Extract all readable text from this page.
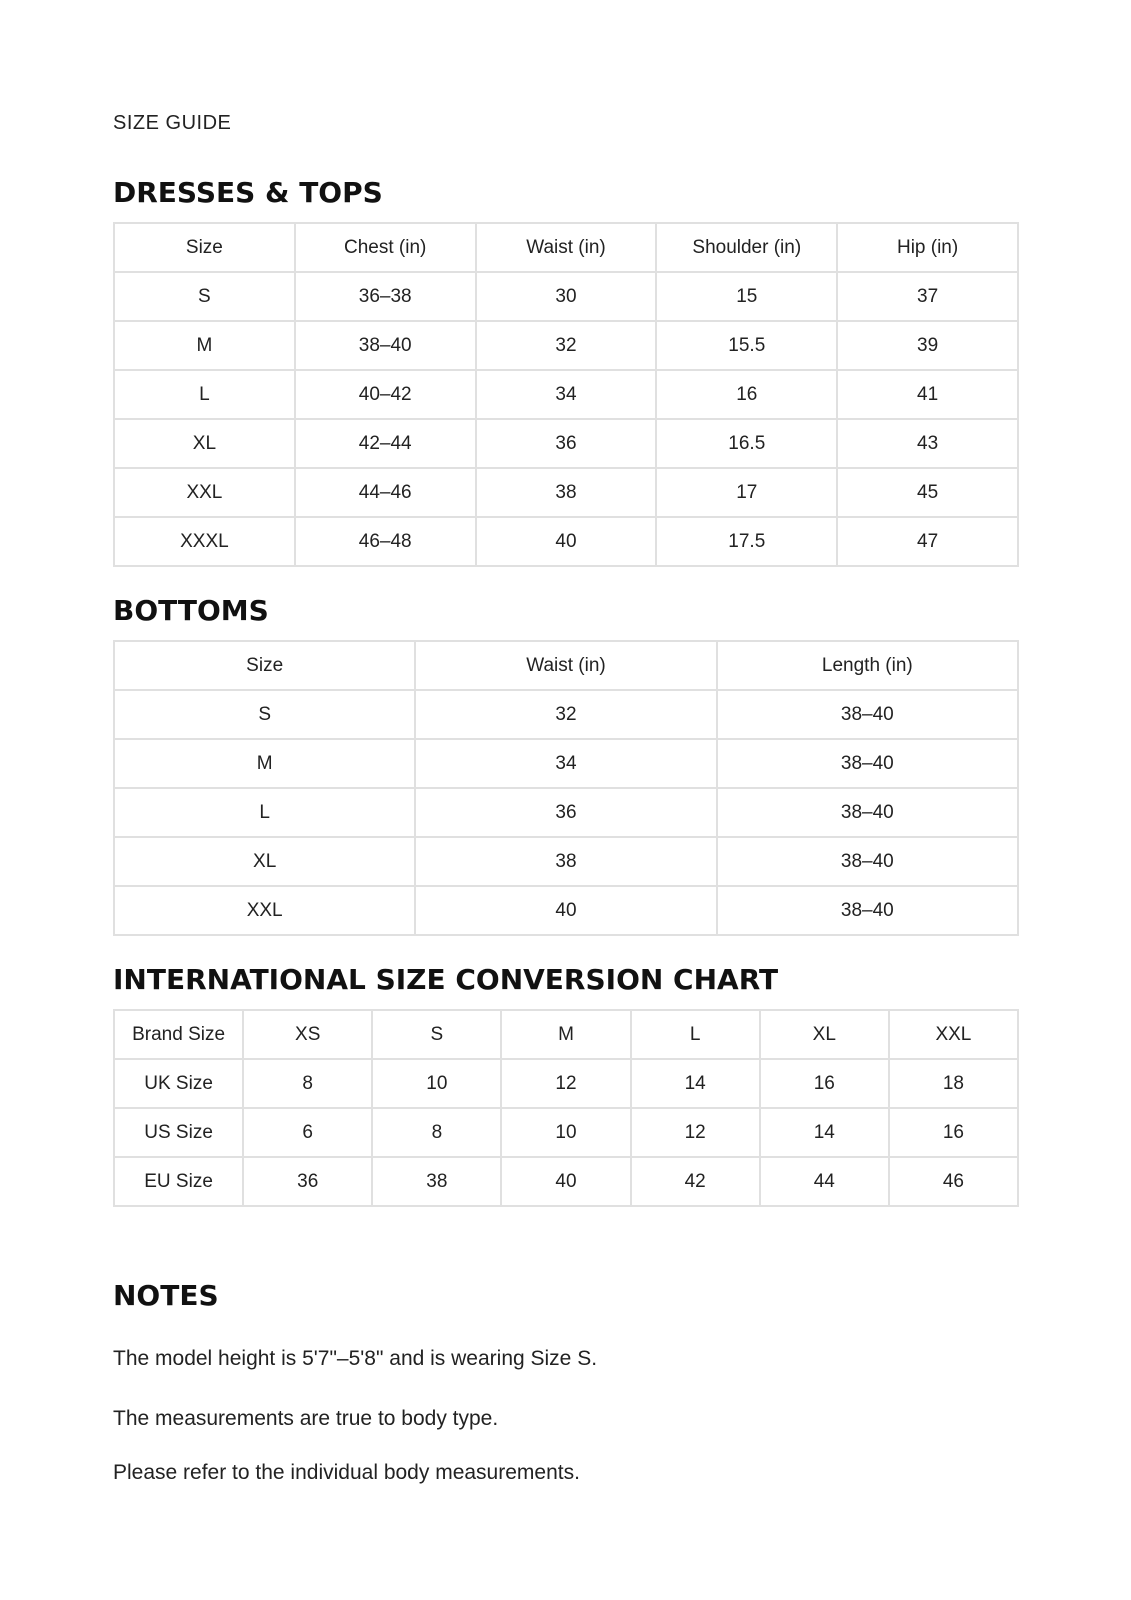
SIZE GUIDE
DRESSES & TOPS
Size	Chest (in)	Waist (in)	Shoulder (in)	Hip (in)
S	36–38	30	15	37
M	38–40	32	15.5	39
L	40–42	34	16	41
XL	42–44	36	16.5	43
XXL	44–46	38	17	45
XXXL	46–48	40	17.5	47
BOTTOMS
Size	Waist (in)	Length (in)
S	32	38–40
M	34	38–40
L	36	38–40
XL	38	38–40
XXL	40	38–40
INTERNATIONAL SIZE CONVERSION CHART
Brand Size	XS	S	M	L	XL	XXL
UK Size	8	10	12	14	16	18
US Size	6	8	10	12	14	16
EU Size	36	38	40	42	44	46
NOTES
The model height is 5'7"–5'8" and is wearing Size S.
The measurements are true to body type.
Please refer to the individual body measurements.
